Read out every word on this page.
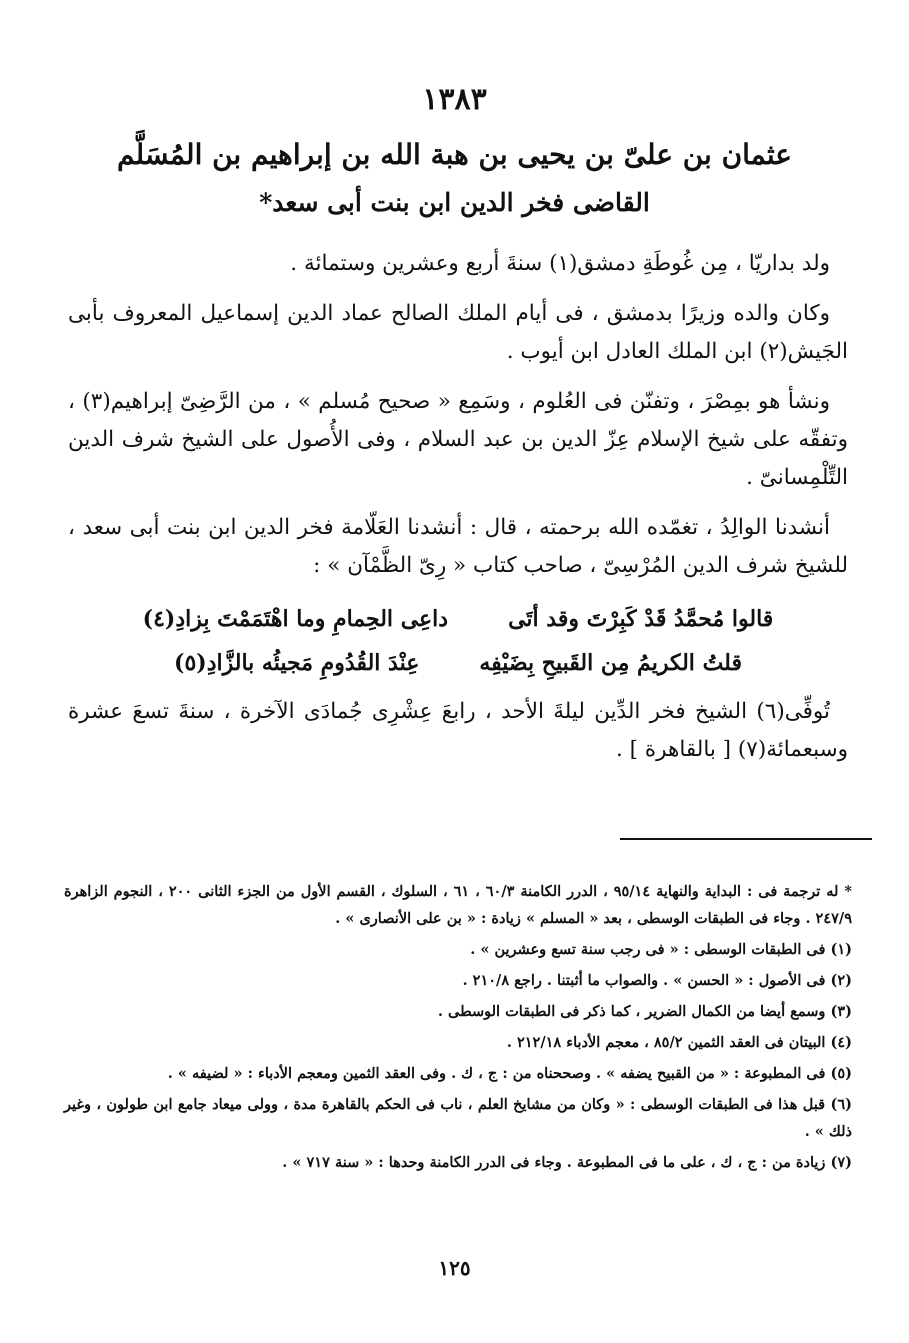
١٣٨٣
عثمان بن علىّ بن يحيى بن هبة الله بن إبراهيم بن المُسَلَّم
القاضى فخر الدين ابن بنت أبى سعد*

ولد بداريّا ، مِن غُوطَةِ دمشق(١) سنةَ أربع وعشرين وستمائة .

وكان والده وزيرًا بدمشق ، فى أيام الملك الصالح عماد الدين إسماعيل المعروف بأبى الجَيش(٢) ابن الملك العادل ابن أيوب .

ونشأ هو بمِصْرَ ، وتفنّن فى العُلوم ، وسَمِع « صحيح مُسلم » ، من الرَّضِىّ إبراهيم(٣) ، وتفقّه على شيخ الإسلام عِزّ الدين بن عبد السلام ، وفى الأُصول على الشيخ شرف الدين التِّلْمِسانىّ .

أنشدنا الوالِدُ ، تغمّده الله برحمته ، قال : أنشدنا العَلّامة فخر الدين ابن بنت أبى سعد ، للشيخ شرف الدين المُرْسِىّ ، صاحب كتاب « رِىّ الظَّمْآن » :

قالوا مُحمَّدُ قَدْ كَبِرْتَ وقد أتَى
داعِى الحِمامِ وما اهْتَمَمْتَ بِزادِ(٤)
قلتُ الكريمُ مِن القَبيحِ بِضَيْفِه
عِنْدَ القُدُومِ مَجيئُه بالزَّادِ(٥)

تُوفِّى(٦) الشيخ فخر الدِّين ليلةَ الأحد ، رابعَ عِشْرِى جُمادَى الآخرة ، سنةَ تسعَ عشرة وسبعمائة(٧) [ بالقاهرة ] .

* له ترجمة فى : البداية والنهاية ٩٥/١٤ ، الدرر الكامنة ٦٠/٣ ، ٦١ ، السلوك ، القسم الأول من الجزء الثانى ٢٠٠ ، النجوم الزاهرة ٢٤٧/٩ . وجاء فى الطبقات الوسطى ، بعد « المسلم » زيادة : « بن على الأنصارى » .

(١) فى الطبقات الوسطى : « فى رجب سنة تسع وعشرين » .

(٢) فى الأصول : « الحسن » . والصواب ما أثبتنا . راجع ٢١٠/٨ .

(٣) وسمع أيضا من الكمال الضرير ، كما ذكر فى الطبقات الوسطى .

(٤) البيتان فى العقد الثمين ٨٥/٢ ، معجم الأدباء ٢١٢/١٨ .

(٥) فى المطبوعة : « من القبيح يضفه » . وصححناه من : ج ، ك . وفى العقد الثمين ومعجم الأدباء : « لضيفه » .

(٦) قبل هذا فى الطبقات الوسطى : « وكان من مشايخ العلم ، ناب فى الحكم بالقاهرة مدة ، وولى ميعاد جامع ابن طولون ، وغير ذلك » .

(٧) زيادة من : ج ، ك ، على ما فى المطبوعة . وجاء فى الدرر الكامنة وحدها : « سنة ٧١٧ » .

١٢٥
